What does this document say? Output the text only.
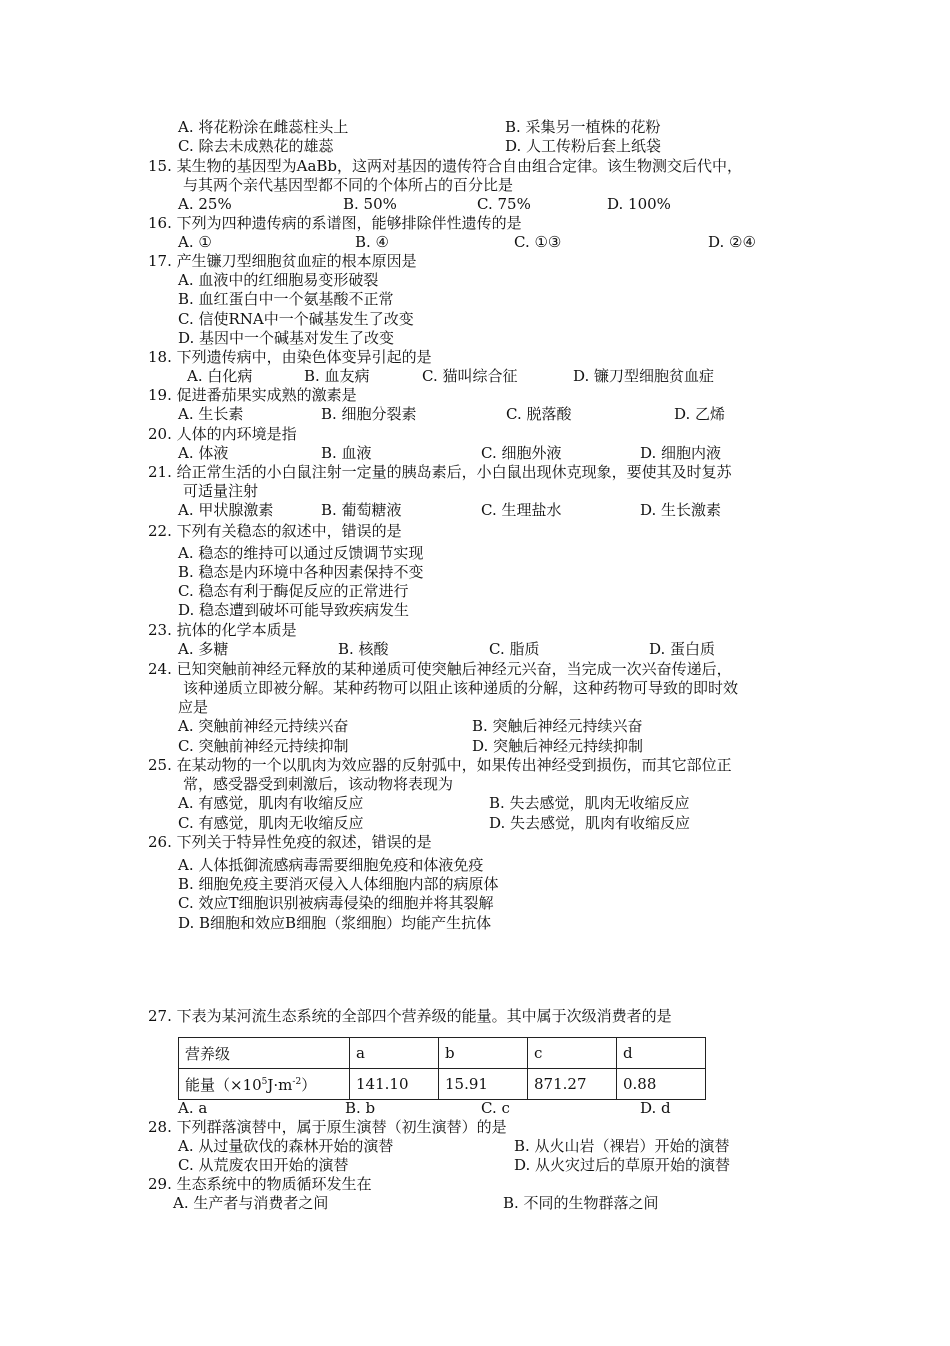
A. 将花粉涂在雌蕊柱头上	B. 采集另一植株的花粉
C. 除去未成熟花的雄蕊	D. 人工传粉后套上纸袋
15. 某生物的基因型为AaBb，这两对基因的遗传符合自由组合定律。该生物测交后代中，
与其两个亲代基因型都不同的个体所占的百分比是
A. 25%	B. 50%	C. 75%	D. 100%
16. 下列为四种遗传病的系谱图，能够排除伴性遗传的是
A. ①	B. ④	C. ①③	D. ②④
17. 产生镰刀型细胞贫血症的根本原因是
A. 血液中的红细胞易变形破裂
B. 血红蛋白中一个氨基酸不正常
C. 信使RNA中一个碱基发生了改变
D. 基因中一个碱基对发生了改变
18. 下列遗传病中，由染色体变异引起的是
A. 白化病	B. 血友病	C. 猫叫综合征	D. 镰刀型细胞贫血症
19. 促进番茄果实成熟的激素是
A. 生长素	B. 细胞分裂素	C. 脱落酸	D. 乙烯
20. 人体的内环境是指
A. 体液	B. 血液	C. 细胞外液	D. 细胞内液
21. 给正常生活的小白鼠注射一定量的胰岛素后，小白鼠出现休克现象，要使其及时复苏
可适量注射
A. 甲状腺激素	B. 葡萄糖液	C. 生理盐水	D. 生长激素
22. 下列有关稳态的叙述中，错误的是
A. 稳态的维持可以通过反馈调节实现
B. 稳态是内环境中各种因素保持不变
C. 稳态有利于酶促反应的正常进行
D. 稳态遭到破坏可能导致疾病发生
23. 抗体的化学本质是
A. 多糖	B. 核酸	C. 脂质	D. 蛋白质
24. 已知突触前神经元释放的某种递质可使突触后神经元兴奋，当完成一次兴奋传递后，
该种递质立即被分解。某种药物可以阻止该种递质的分解，这种药物可导致的即时效
应是
A. 突触前神经元持续兴奋	B. 突触后神经元持续兴奋
C. 突触前神经元持续抑制	D. 突触后神经元持续抑制
25. 在某动物的一个以肌肉为效应器的反射弧中，如果传出神经受到损伤，而其它部位正
常，感受器受到刺激后，该动物将表现为
A. 有感觉，肌肉有收缩反应	B. 失去感觉，肌肉无收缩反应
C. 有感觉，肌肉无收缩反应	D. 失去感觉，肌肉有收缩反应
26. 下列关于特异性免疫的叙述，错误的是
A. 人体抵御流感病毒需要细胞免疫和体液免疫
B. 细胞免疫主要消灭侵入人体细胞内部的病原体
C. 效应T细胞识别被病毒侵染的细胞并将其裂解
D. B细胞和效应B细胞（浆细胞）均能产生抗体
27. 下表为某河流生态系统的全部四个营养级的能量。其中属于次级消费者的是
营养级	a	b	c	d
能量$(\times 10^5J\cdot m^{-2})$	141.10	15.91	871.27	0.88
A. a	B. b	C. c	D. d
28. 下列群落演替中，属于原生演替（初生演替）的是
A. 从过量砍伐的森林开始的演替	B. 从火山岩（裸岩）开始的演替
C. 从荒废农田开始的演替	D. 从火灾过后的草原开始的演替
29. 生态系统中的物质循环发生在
A. 生产者与消费者之间	B. 不同的生物群落之间
